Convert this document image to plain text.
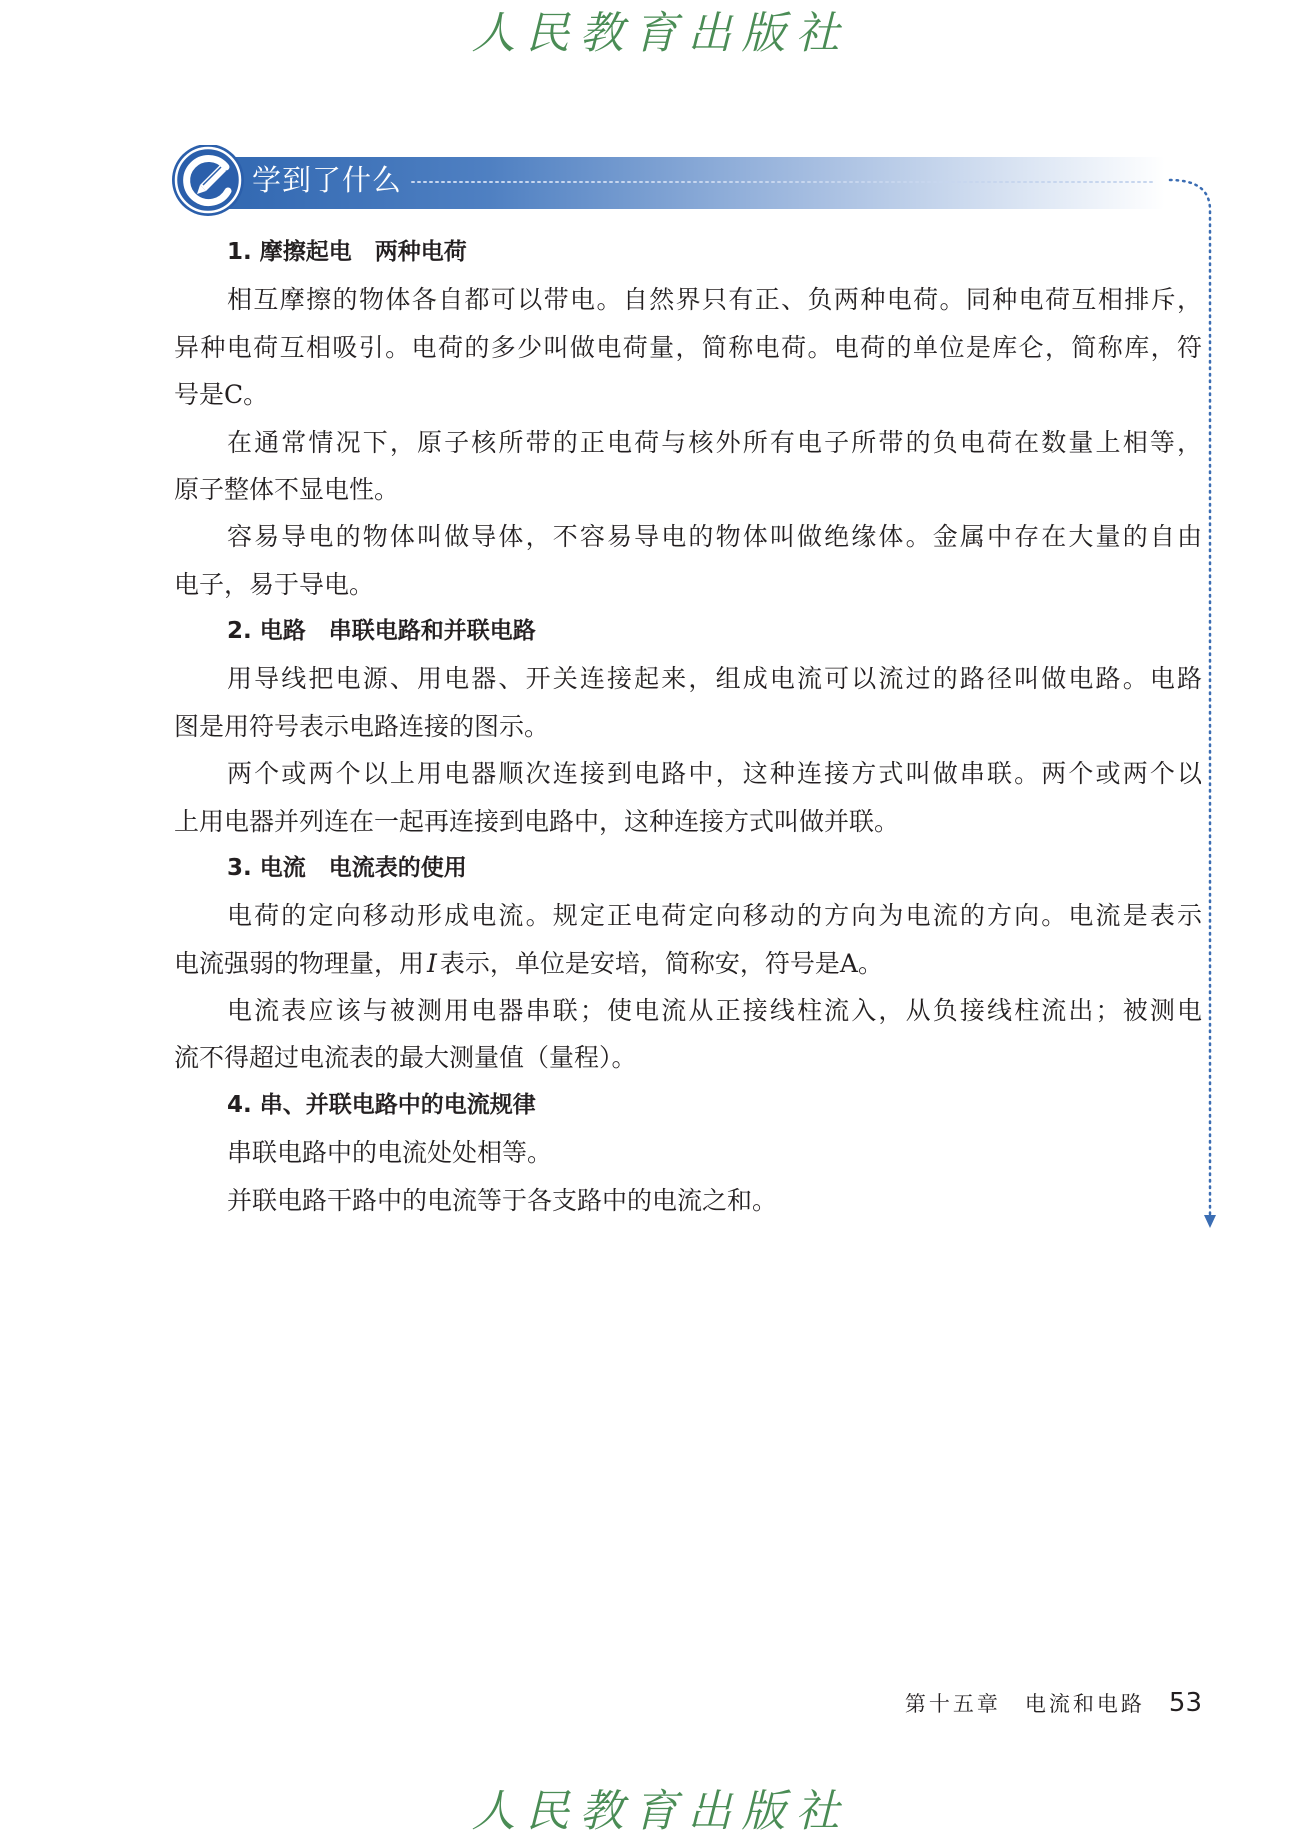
人民教育出版社
学到了什么
1. 摩擦起电　两种电荷
相互摩擦的物体各自都可以带电。自然界只有正、负两种电荷。同种电荷互相排斥，
异种电荷互相吸引。电荷的多少叫做电荷量，简称电荷。电荷的单位是库仑，简称库，符
号是C。
在通常情况下，原子核所带的正电荷与核外所有电子所带的负电荷在数量上相等，
原子整体不显电性。
容易导电的物体叫做导体，不容易导电的物体叫做绝缘体。金属中存在大量的自由
电子，易于导电。
2. 电路　串联电路和并联电路
用导线把电源、用电器、开关连接起来，组成电流可以流过的路径叫做电路。电路
图是用符号表示电路连接的图示。
两个或两个以上用电器顺次连接到电路中，这种连接方式叫做串联。两个或两个以
上用电器并列连在一起再连接到电路中，这种连接方式叫做并联。
3. 电流　电流表的使用
电荷的定向移动形成电流。规定正电荷定向移动的方向为电流的方向。电流是表示
电流强弱的物理量，用 I 表示，单位是安培，简称安，符号是A。
电流表应该与被测用电器串联；使电流从正接线柱流入，从负接线柱流出；被测电
流不得超过电流表的最大测量值（量程）。
4. 串、并联电路中的电流规律
串联电路中的电流处处相等。
并联电路干路中的电流等于各支路中的电流之和。
第十五章　电流和电路 53
人民教育出版社
